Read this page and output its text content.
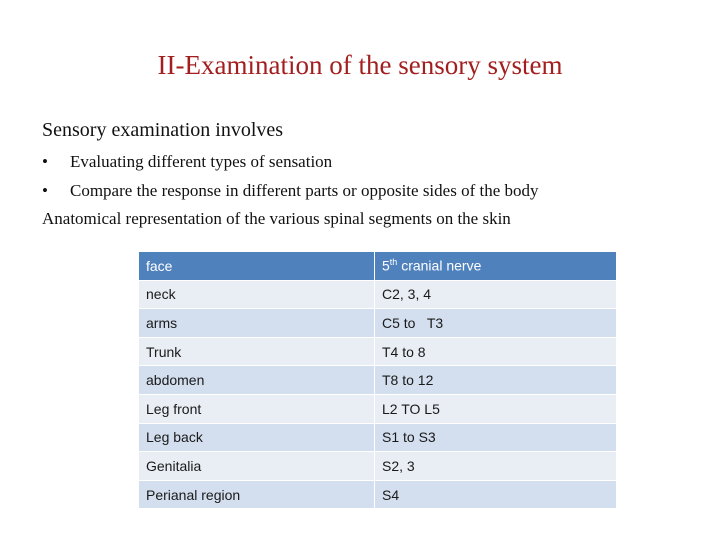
II-Examination of the sensory system
Sensory examination involves
• Evaluating different types of sensation
• Compare the response in different parts or opposite sides of the body
Anatomical representation of the various spinal segments on the skin
face	5th cranial nerve
neck	C2, 3, 4
arms	C5 to   T3
Trunk	T4 to 8
abdomen	T8 to 12
Leg front	L2 TO L5
Leg back	S1 to S3
Genitalia	S2, 3
Perianal region	S4
